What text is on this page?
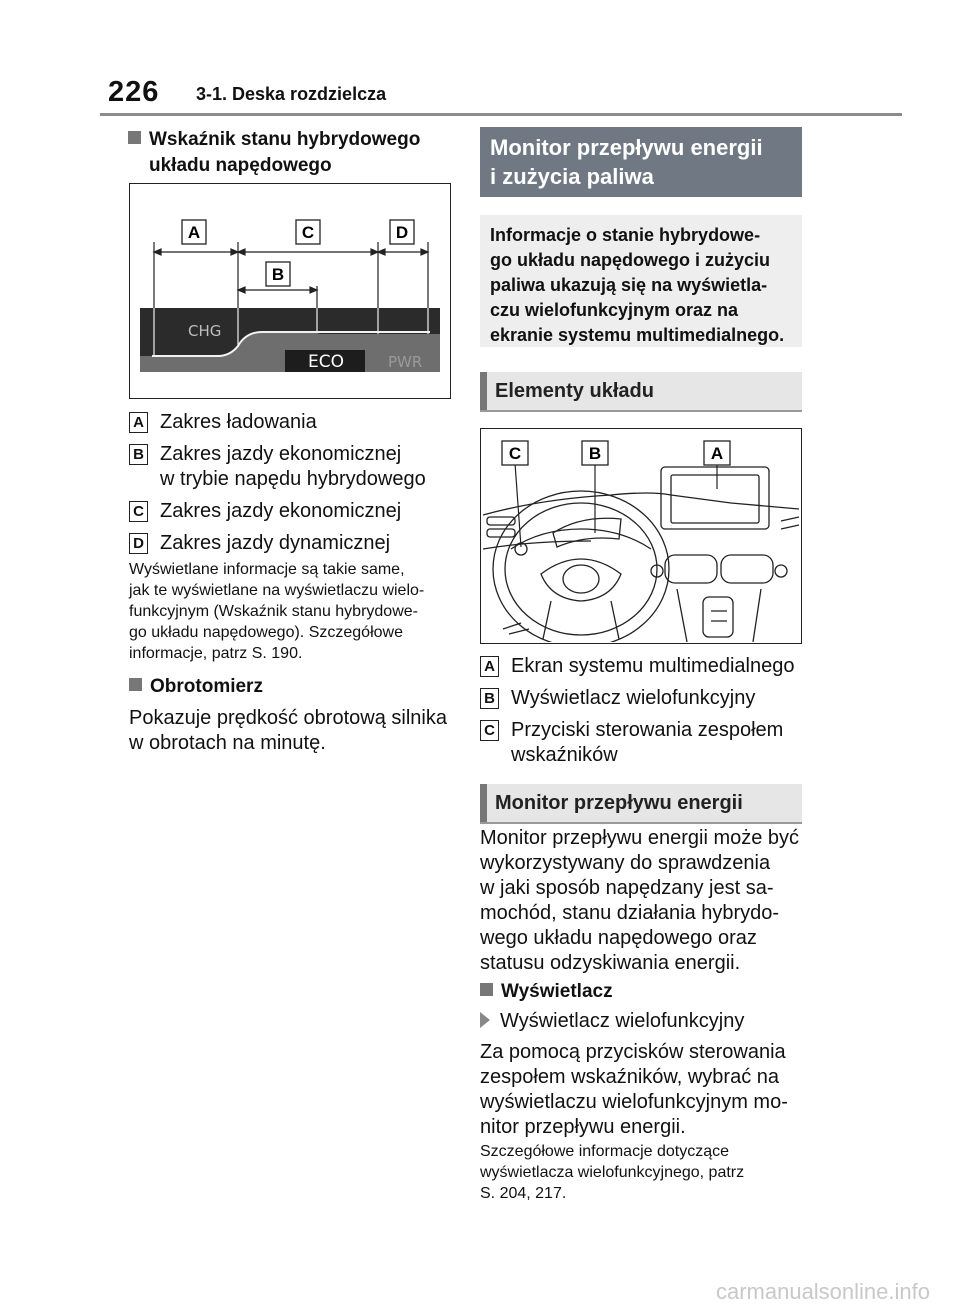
226 3-1. Deska rozdzielcza
Wskaźnik stanu hybrydowego
układu napędowego
CHG
ECO	PWR
A	C	D
B
A Zakres ładowania
B Zakres jazdy ekonomicznej
w trybie napędu hybrydowego
C Zakres jazdy ekonomicznej
D Zakres jazdy dynamicznej
Wyświetlane informacje są takie same,
jak te wyświetlane na wyświetlaczu wielo-
funkcyjnym (Wskaźnik stanu hybrydowe-
go układu napędowego). Szczegółowe
informacje, patrz S. 190.
Obrotomierz
Pokazuje prędkość obrotową silnika
w obrotach na minutę.
Monitor przepływu energii
i zużycia paliwa
Informacje o stanie hybrydowe-
go układu napędowego i zużyciu
paliwa ukazują się na wyświetla-
czu wielofunkcyjnym oraz na
ekranie systemu multimedialnego.
Elementy układu
C	B	A
A Ekran systemu multimedialnego
B Wyświetlacz wielofunkcyjny
C Przyciski sterowania zespołem
wskaźników
Monitor przepływu energii
Monitor przepływu energii może być
wykorzystywany do sprawdzenia
w jaki sposób napędzany jest sa-
mochód, stanu działania hybrydo-
wego układu napędowego oraz
statusu odzyskiwania energii.
Wyświetlacz
Wyświetlacz wielofunkcyjny
Za pomocą przycisków sterowania
zespołem wskaźników, wybrać na
wyświetlaczu wielofunkcyjnym mo-
nitor przepływu energii.
Szczegółowe informacje dotyczące
wyświetlacza wielofunkcyjnego, patrz
S. 204, 217.
carmanualsonline.info
